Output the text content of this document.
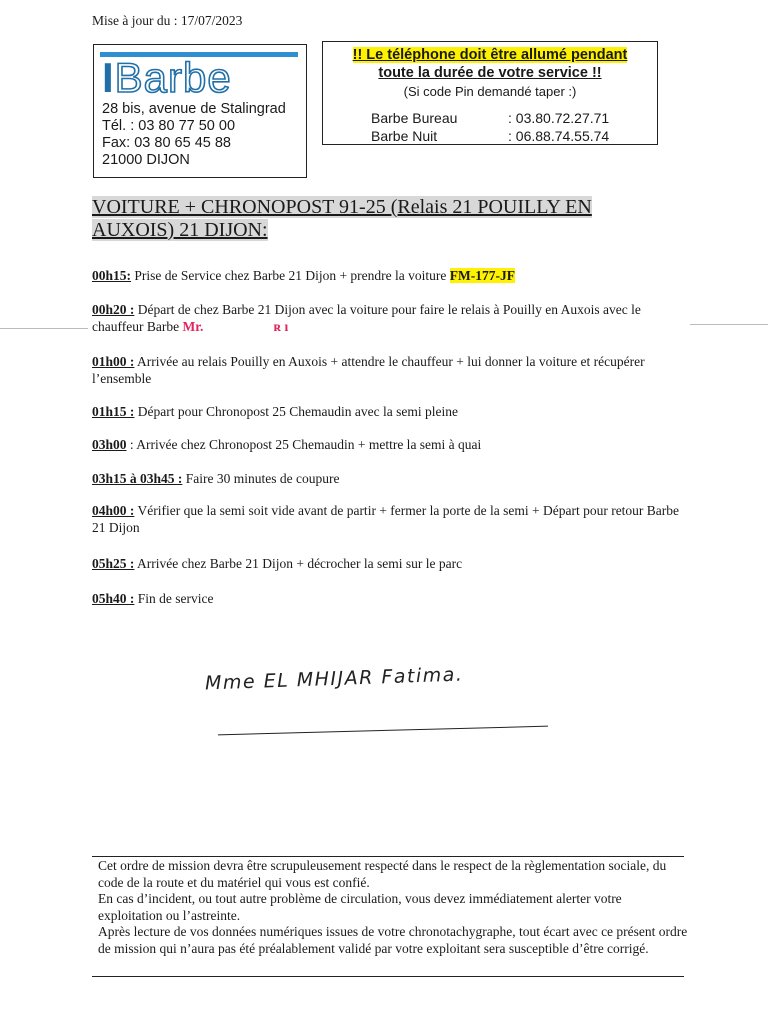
Mise à jour du : 17/07/2023
IBarbe
28 bis, avenue de Stalingrad
Tél. : 03 80 77 50 00
Fax: 03 80 65 45 88
21000 DIJON
!! Le téléphone doit être allumé pendant
toute la durée de votre service !!
(Si code Pin demandé taper :)
Barbe Bureau	: 03.80.72.27.71
Barbe Nuit	: 06.88.74.55.74
VOITURE + CHRONOPOST 91-25 (Relais 21 POUILLY EN
AUXOIS) 21 DIJON:
00h15: Prise de Service chez Barbe 21 Dijon + prendre la voiture FM-177-JF
00h20 : Départ de chez Barbe 21 Dijon avec la voiture pour faire le relais à Pouilly en Auxois avec le chauffeur Barbe Mr.	ʀ ı
01h00 : Arrivée au relais Pouilly en Auxois + attendre le chauffeur + lui donner la voiture et récupérer l’ensemble
01h15 : Départ pour Chronopost 25 Chemaudin avec la semi pleine
03h00 : Arrivée chez Chronopost 25 Chemaudin + mettre la semi à quai
03h15 à 03h45 : Faire 30 minutes de coupure
04h00 : Vérifier que la semi soit vide avant de partir + fermer la porte de la semi + Départ pour retour Barbe 21 Dijon
05h25 : Arrivée chez Barbe 21 Dijon + décrocher la semi sur le parc
05h40 : Fin de service
Mme EL MHIJAR Fatima.

Cet ordre de mission devra être scrupuleusement respecté dans le respect de la règlementation sociale, du code de la route et du matériel qui vous est confié.

En cas d’incident, ou tout autre problème de circulation, vous devez immédiatement alerter votre exploitation ou l’astreinte.

Après lecture de vos données numériques issues de votre chronotachygraphe, tout écart avec ce présent ordre de mission qui n’aura pas été préalablement validé par votre exploitant sera susceptible d’être corrigé.
